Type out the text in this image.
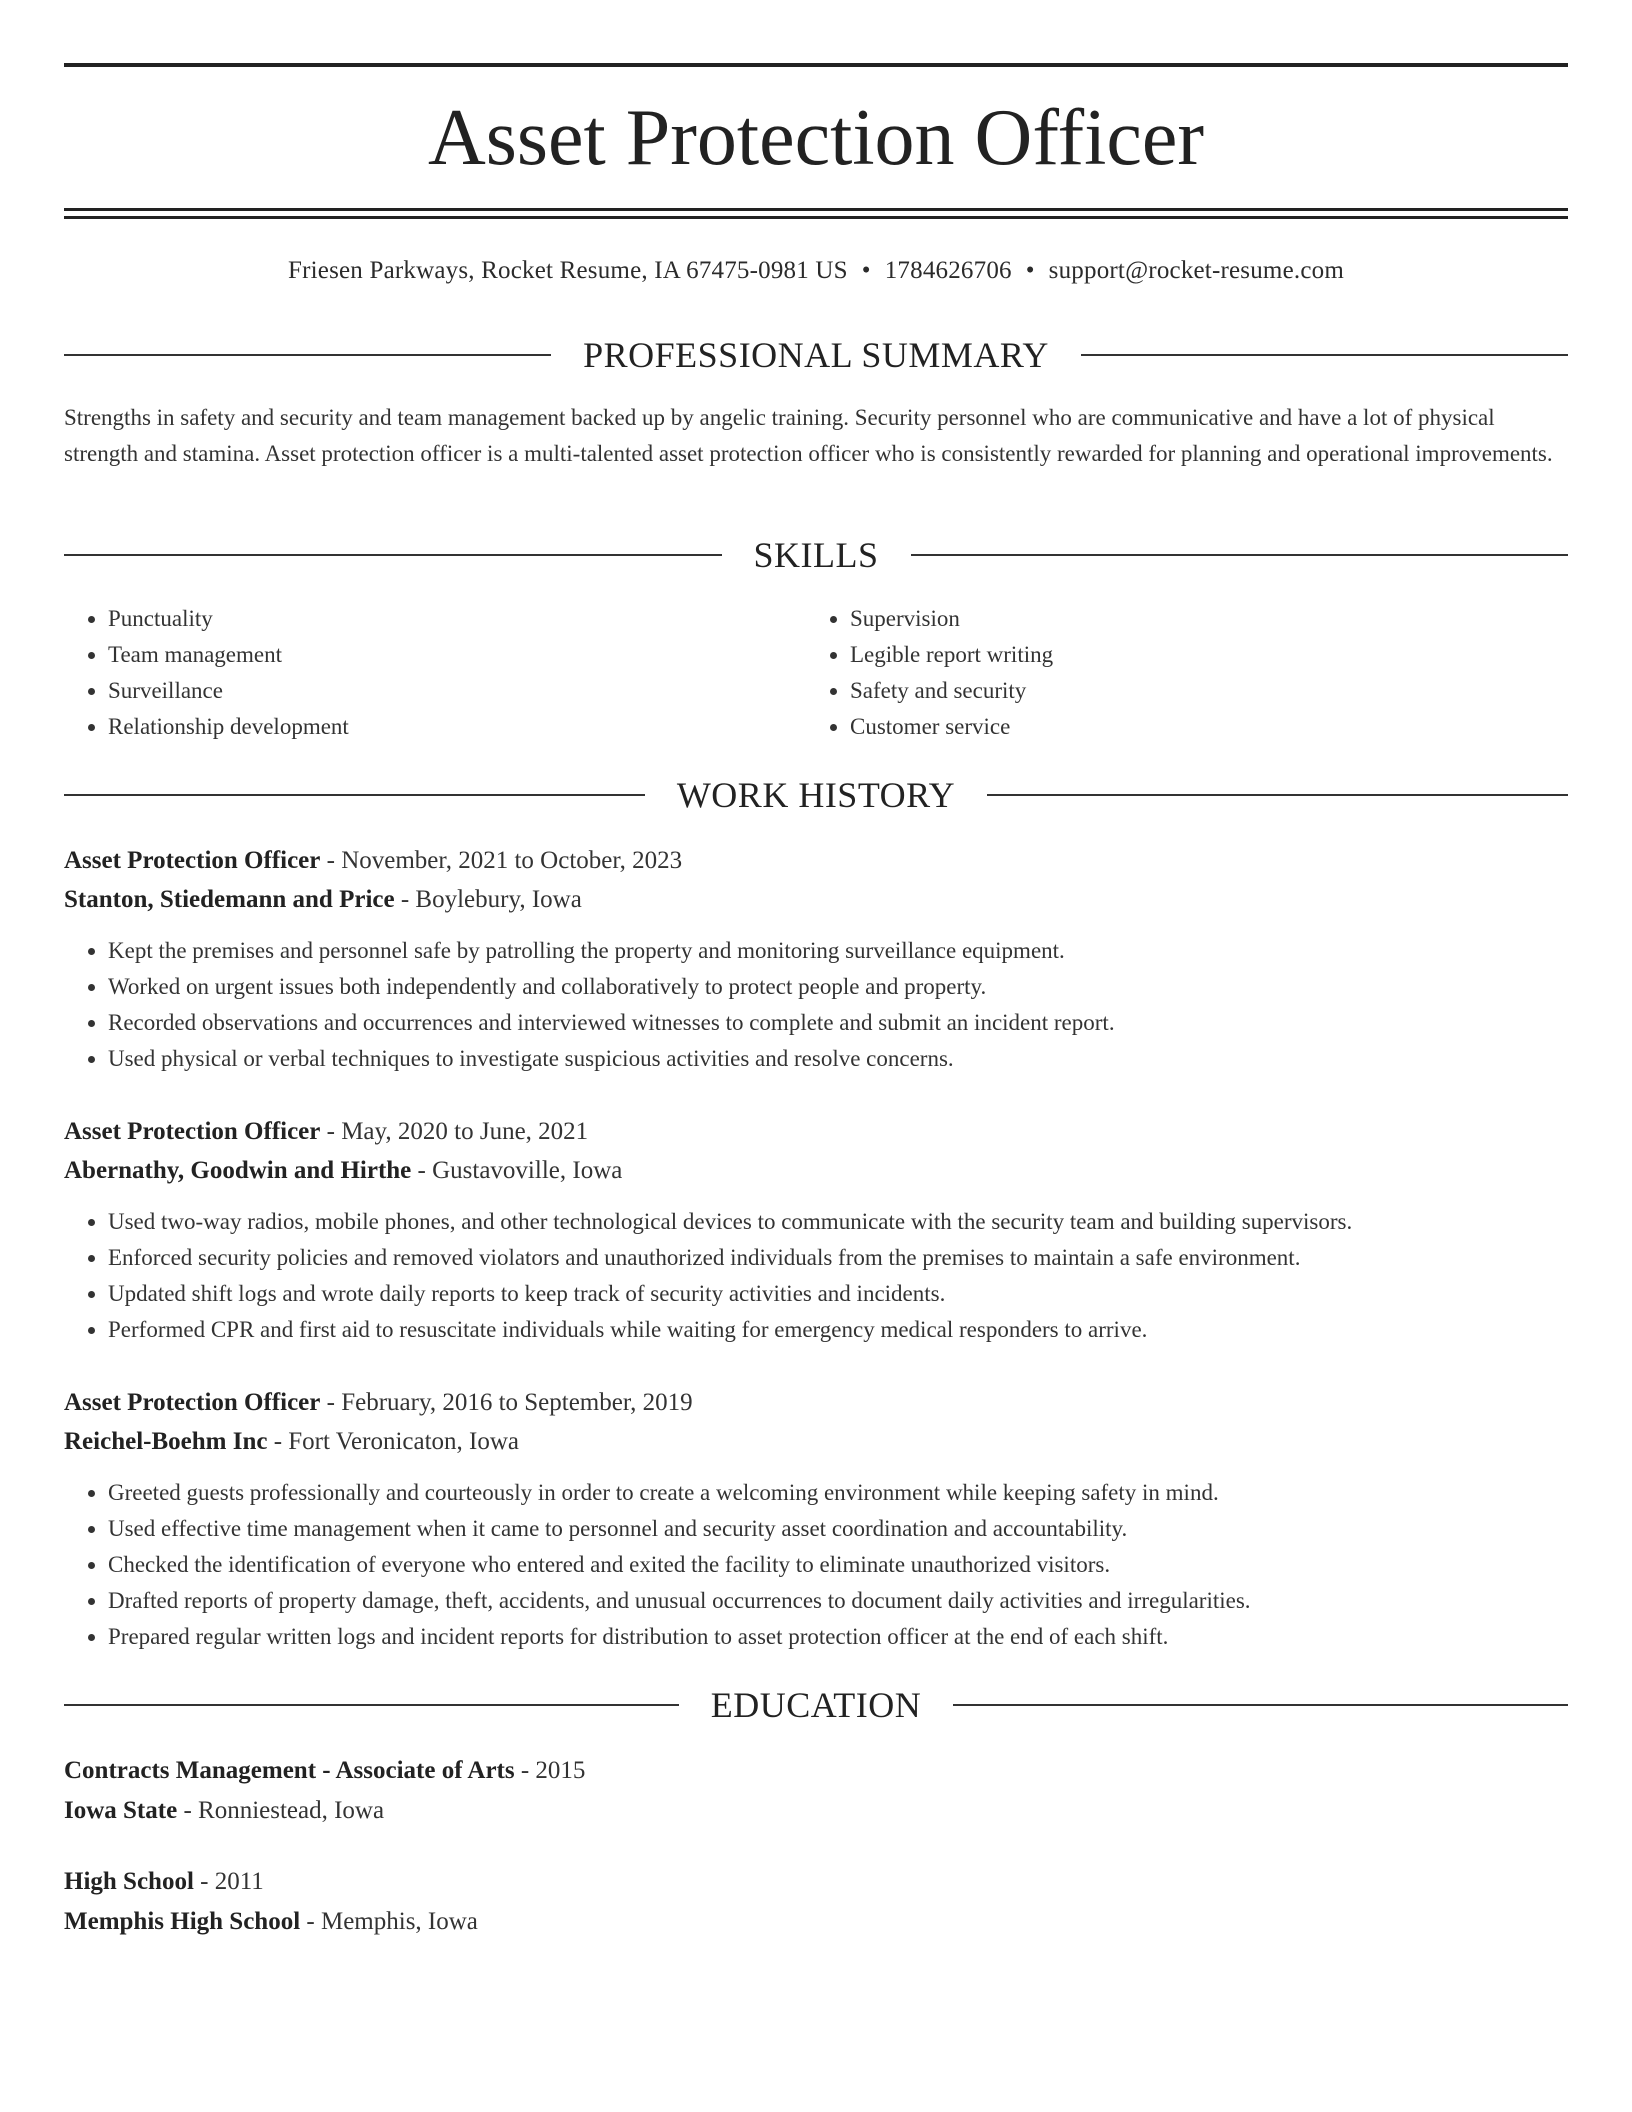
Asset Protection Officer
Friesen Parkways, Rocket Resume, IA 67475-0981 US • 1784626706 • support@rocket-resume.com
PROFESSIONAL SUMMARY

Strengths in safety and security and team management backed up by angelic training. Security personnel who are communicative and have a lot of physical strength and stamina. Asset protection officer is a multi-talented asset protection officer who is consistently rewarded for planning and operational improvements.

SKILLS
• Punctuality
• Team management
• Surveillance
• Relationship development
• Supervision
• Legible report writing
• Safety and security
• Customer service
WORK HISTORY
Asset Protection Officer - November, 2021 to October, 2023
Stanton, Stiedemann and Price - Boylebury, Iowa
• Kept the premises and personnel safe by patrolling the property and monitoring surveillance equipment.
• Worked on urgent issues both independently and collaboratively to protect people and property.
• Recorded observations and occurrences and interviewed witnesses to complete and submit an incident report.
• Used physical or verbal techniques to investigate suspicious activities and resolve concerns.
Asset Protection Officer - May, 2020 to June, 2021
Abernathy, Goodwin and Hirthe - Gustavoville, Iowa
• Used two-way radios, mobile phones, and other technological devices to communicate with the security team and building supervisors.
• Enforced security policies and removed violators and unauthorized individuals from the premises to maintain a safe environment.
• Updated shift logs and wrote daily reports to keep track of security activities and incidents.
• Performed CPR and first aid to resuscitate individuals while waiting for emergency medical responders to arrive.
Asset Protection Officer - February, 2016 to September, 2019
Reichel-Boehm Inc - Fort Veronicaton, Iowa
• Greeted guests professionally and courteously in order to create a welcoming environment while keeping safety in mind.
• Used effective time management when it came to personnel and security asset coordination and accountability.
• Checked the identification of everyone who entered and exited the facility to eliminate unauthorized visitors.
• Drafted reports of property damage, theft, accidents, and unusual occurrences to document daily activities and irregularities.
• Prepared regular written logs and incident reports for distribution to asset protection officer at the end of each shift.
EDUCATION
Contracts Management - Associate of Arts - 2015
Iowa State - Ronniestead, Iowa
High School - 2011
Memphis High School - Memphis, Iowa
